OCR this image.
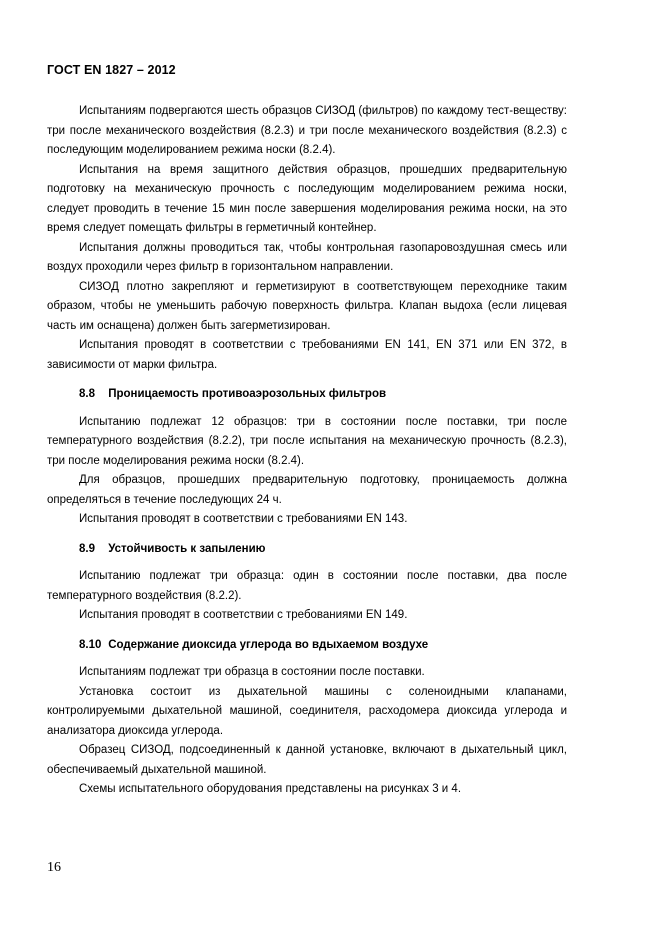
ГОСТ EN 1827 – 2012

Испытаниям подвергаются шесть образцов СИЗОД (фильтров) по каждому тест-веществу: три после механического воздействия (8.2.3) и три после механического воздействия (8.2.3) с последующим моделированием режима носки (8.2.4).

Испытания на время защитного действия образцов, прошедших предварительную подготовку на механическую прочность с последующим моделированием режима носки, следует проводить в течение 15 мин после завершения моделирования режима носки, на это время следует помещать фильтры в герметичный контейнер.

Испытания должны проводиться так, чтобы контрольная газопаровоздушная смесь или воздух проходили через фильтр в горизонтальном направлении.

СИЗОД плотно закрепляют и герметизируют в соответствующем переходнике таким образом, чтобы не уменьшить рабочую поверхность фильтра. Клапан выдоха (если лицевая часть им оснащена) должен быть загерметизирован.

Испытания проводят в соответствии с требованиями EN 141, EN 371 или EN 372, в зависимости от марки фильтра.

8.8 Проницаемость противоаэрозольных фильтров

Испытанию подлежат 12 образцов: три в состоянии после поставки, три после температурного воздействия (8.2.2), три после испытания на механическую прочность (8.2.3), три после моделирования режима носки (8.2.4).

Для образцов, прошедших предварительную подготовку, проницаемость должна определяться в течение последующих 24 ч.

Испытания проводят в соответствии с требованиями EN 143.

8.9 Устойчивость к запылению

Испытанию подлежат три образца: один в состоянии после поставки, два после температурного воздействия (8.2.2).

Испытания проводят в соответствии с требованиями EN 149.

8.10 Содержание диоксида углерода во вдыхаемом воздухе

Испытаниям подлежат три образца в состоянии после поставки.

Установка состоит из дыхательной машины с соленоидными клапанами, контролируемыми дыхательной машиной, соединителя, расходомера диоксида углерода и анализатора диоксида углерода.

Образец СИЗОД, подсоединенный к данной установке, включают в дыхательный цикл, обеспечиваемый дыхательной машиной.

Схемы испытательного оборудования представлены на рисунках 3 и 4.

16
